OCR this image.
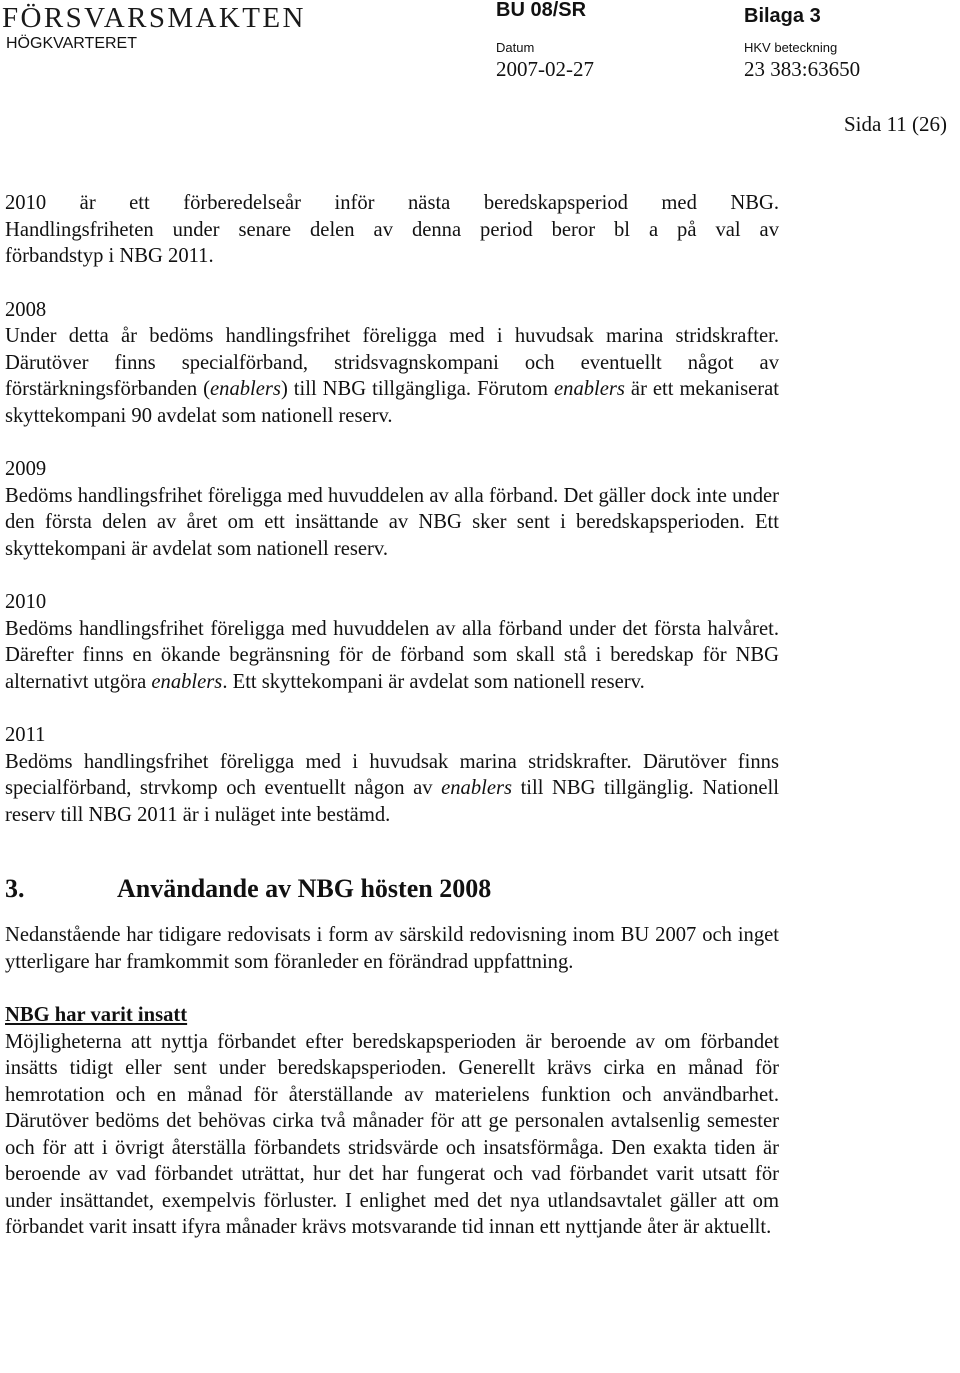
FÖRSVARSMAKTEN
HÖGKVARTERET
BU 08/SR	Bilaga 3
Datum	HKV beteckning
2007-02-27	23 383:63650
Sida 11 (26)

2010 är ett förberedelseår inför nästa beredskapsperiod med NBG.

Handlingsfriheten under senare delen av denna period beror bl a på val av

förbandstyp i NBG 2011.

2008

Under detta år bedöms handlingsfrihet föreligga med i huvudsak marina stridskrafter. Därutöver finns specialförband, stridsvagnskompani och eventuellt något av förstärkningsförbanden (enablers) till NBG tillgängliga. Förutom enablers är ett mekaniserat skyttekompani 90 avdelat som nationell reserv.

2009

Bedöms handlingsfrihet föreligga med huvuddelen av alla förband. Det gäller dock inte under den första delen av året om ett insättande av NBG sker sent i beredskapsperioden. Ett skyttekompani är avdelat som nationell reserv.

2010

Bedöms handlingsfrihet föreligga med huvuddelen av alla förband under det första halvåret. Därefter finns en ökande begränsning för de förband som skall stå i beredskap för NBG alternativt utgöra enablers. Ett skyttekompani är avdelat som nationell reserv.

2011

Bedöms handlingsfrihet föreligga med i huvudsak marina stridskrafter. Därutöver finns specialförband, strvkomp och eventuellt någon av enablers till NBG tillgänglig. Nationell reserv till NBG 2011 är i nuläget inte bestämd.

3.	Användande av NBG hösten 2008

Nedanstående har tidigare redovisats i form av särskild redovisning inom BU 2007 och inget ytterligare har framkommit som föranleder en förändrad uppfattning.

NBG har varit insatt

Möjligheterna att nyttja förbandet efter beredskapsperioden är beroende av om förbandet insätts tidigt eller sent under beredskapsperioden. Generellt krävs cirka en månad för hemrotation och en månad för återställande av materielens funktion och användbarhet. Därutöver bedöms det behövas cirka två månader för att ge personalen avtalsenlig semester och för att i övrigt återställa förbandets stridsvärde och insatsförmåga. Den exakta tiden är beroende av vad förbandet uträttat, hur det har fungerat och vad förbandet varit utsatt för under insättandet, exempelvis förluster. I enlighet med det nya utlandsavtalet gäller att om förbandet varit insatt ifyra månader krävs motsvarande tid innan ett nyttjande åter är aktuellt.
